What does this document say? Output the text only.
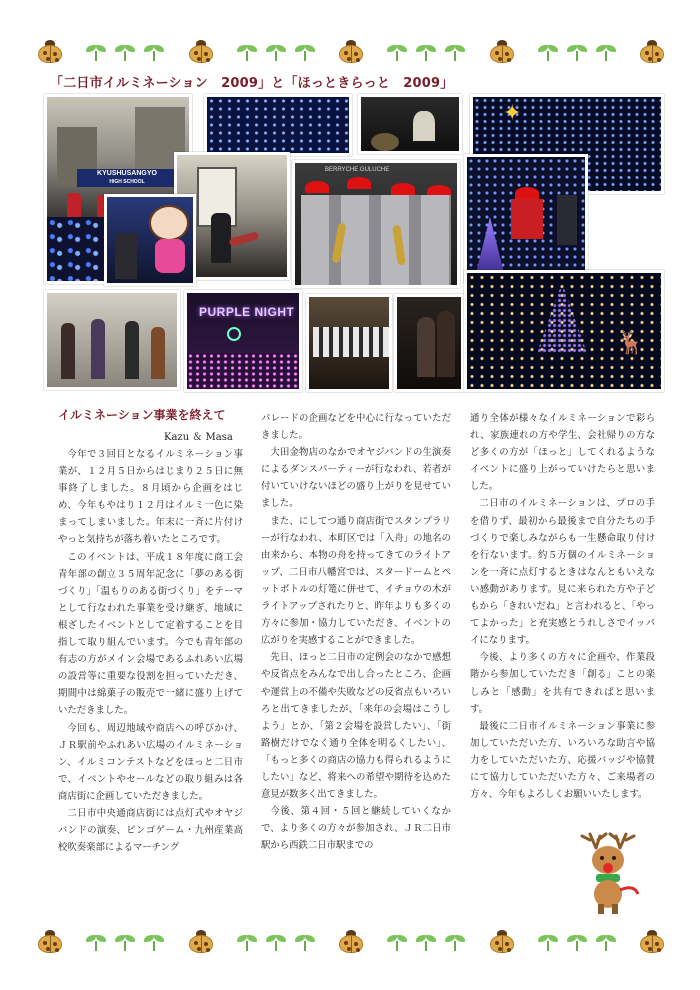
「二日市イルミネーション　2009」と「ほっときらっと　2009」
KYUSHUSANGYO
HIGH SCHOOL
✦
BERRYCHE GULUCHE
PURPLE NIGHT
🦌
イルミネーション事業を終えて
Kazu ＆ Masa

今年で３回目となるイルミネーション事業が、１２月５日からはじまり２５日に無事終了しました。８月頃から企画をはじめ、今年もやはり１２月はイルミ一色に染まってしまいました。年末に一斉に片付けやっと気持ちが落ち着いたところです。

このイベントは、平成１８年度に商工会青年部の創立３５周年記念に「夢のある街づくり」「温もりのある街づくり」をテーマとして行なわれた事業を受け継ぎ、地域に根ざしたイベントとして定着することを目指して取り組んでいます。今でも青年部の有志の方がメイン会場であるふれあい広場の設営等に重要な役割を担っていただき、期間中は綿菓子の販売で一緒に盛り上げていただきました。

今回も、周辺地域や商店への呼びかけ、ＪＲ駅前やふれあい広場のイルミネーション、イルミコンテストなどをほっと二日市で、イベントやセールなどの取り組みは各商店街に企画していただきました。

二日市中央通商店街には点灯式やオヤジバンドの演奏、ビンゴゲーム・九州産業高校吹奏楽部によるマーチング

パレードの企画などを中心に行なっていただきました。

大田金物店のなかでオヤジバンドの生演奏によるダンスパーティーが行なわれ、若者が付いていけないほどの盛り上がりを見せていました。

また、にしてつ通り商店街でスタンプラリーが行なわれ、本町区では「入舟」の地名の由来から、本物の舟を持ってきてのライトアップ、二日市八幡宮では、スタードームとペットボトルの灯篭に併せて、イチョウの木がライトアップされたりと、昨年よりも多くの方々に参加・協力していただき、イベントの広がりを実感することができました。

先日、ほっと二日市の定例会のなかで感想や反省点をみんなで出し合ったところ、企画や運営上の不備や失敗などの反省点もいろいろと出てきましたが、「来年の会場はこうしよう」とか、「第２会場を設営したい」、「街路樹だけでなく通り全体を明るくしたい」、「もっと多くの商店の協力も得られるようにしたい」など、将来への希望や期待を込めた意見が数多く出てきました。

今後、第４回・５回と継続していくなかで、より多くの方々が参加され、ＪＲ二日市駅から西鉄二日市駅までの

通り全体が様々なイルミネーションで彩られ、家族連れの方や学生、会社帰りの方など多くの方が「ほっと」してくれるようなイベントに盛り上がっていけたらと思いました。

二日市のイルミネーションは、プロの手を借りず、最初から最後まで自分たちの手づくりで楽しみながらも一生懸命取り付けを行ないます。約５万個のイルミネーションを一斉に点灯するときはなんともいえない感動があります。見に来られた方や子どもから「きれいだね」と言われると、「やってよかった」と充実感とうれしさでイッパイになります。

今後、より多くの方々に企画や、作業段階から参加していただき「創る」ことの楽しみと「感動」を共有できればと思います。

最後に二日市イルミネーション事業に参加していただいた方、いろいろな助言や協力をしていただいた方、応援バッジや協賛にて協力していただいた方々、ご来場者の方々、今年もよろしくお願いいたします。
